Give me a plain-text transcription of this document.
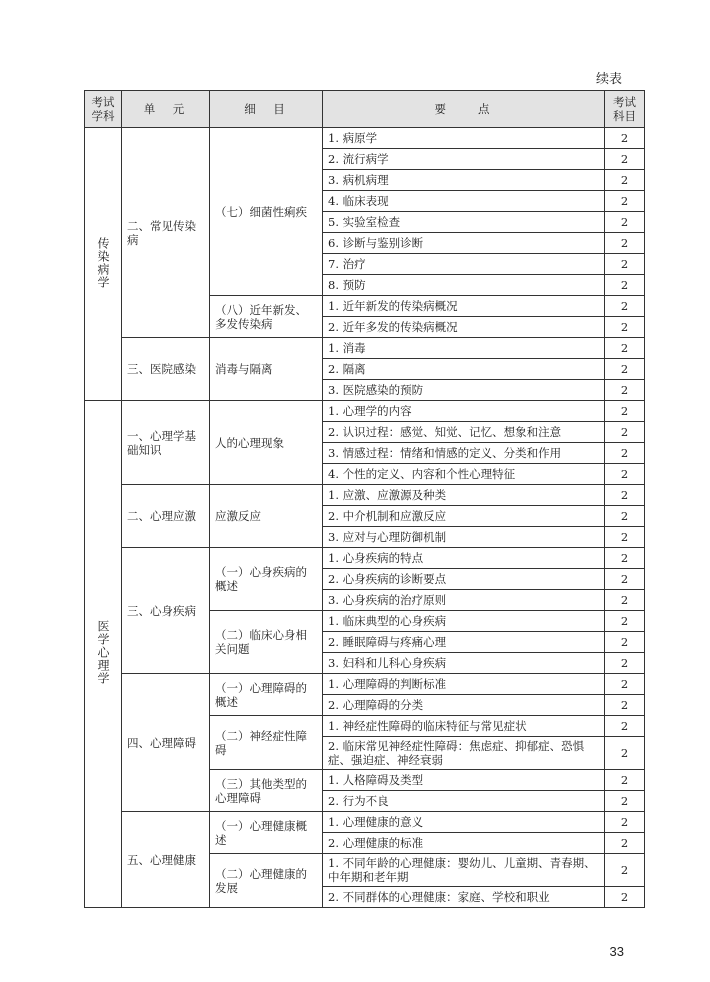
续表
考试学科	单　元	细　目	要　　点	考试科目
传染病学	二、常见传染病	（七）细菌性痢疾	1. 病原学	2
			2. 流行病学	2
			3. 病机病理	2
			4. 临床表现	2
			5. 实验室检查	2
			6. 诊断与鉴别诊断	2
			7. 治疗	2
			8. 预防	2
		（八）近年新发、多发传染病	1. 近年新发的传染病概况	2
			2. 近年多发的传染病概况	2
	三、医院感染	消毒与隔离	1. 消毒	2
			2. 隔离	2
			3. 医院感染的预防	2
医学心理学	一、心理学基础知识	人的心理现象	1. 心理学的内容	2
			2. 认识过程：感觉、知觉、记忆、想象和注意	2
			3. 情感过程：情绪和情感的定义、分类和作用	2
			4. 个性的定义、内容和个性心理特征	2
	二、心理应激	应激反应	1. 应激、应激源及种类	2
			2. 中介机制和应激反应	2
			3. 应对与心理防御机制	2
	三、心身疾病	（一）心身疾病的概述	1. 心身疾病的特点	2
			2. 心身疾病的诊断要点	2
			3. 心身疾病的治疗原则	2
		（二）临床心身相关问题	1. 临床典型的心身疾病	2
			2. 睡眠障碍与疼痛心理	2
			3. 妇科和儿科心身疾病	2
	四、心理障碍	（一）心理障碍的概述	1. 心理障碍的判断标准	2
			2. 心理障碍的分类	2
		（二）神经症性障碍	1. 神经症性障碍的临床特征与常见症状	2
			2. 临床常见神经症性障碍：焦虑症、抑郁症、恐惧症、强迫症、神经衰弱	2
		（三）其他类型的心理障碍	1. 人格障碍及类型	2
			2. 行为不良	2
	五、心理健康	（一）心理健康概述	1. 心理健康的意义	2
			2. 心理健康的标准	2
		（二）心理健康的发展	1. 不同年龄的心理健康：婴幼儿、儿童期、青春期、中年期和老年期	2
			2. 不同群体的心理健康：家庭、学校和职业	2
33
